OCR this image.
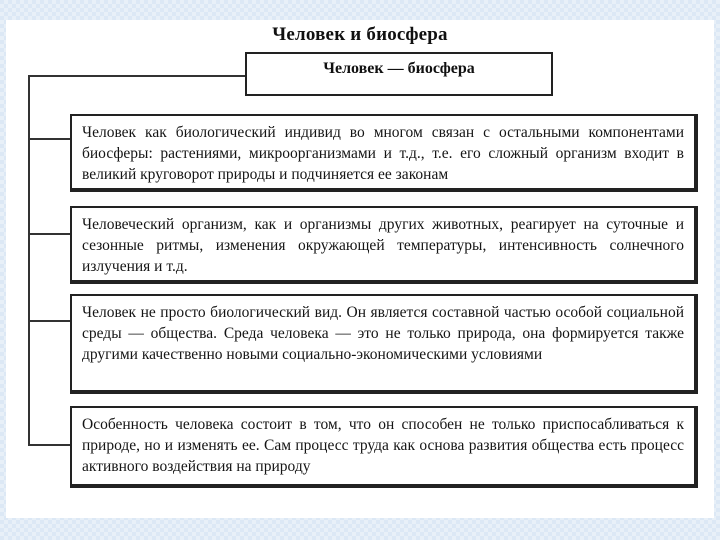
Человек и биосфера
Человек — биосфера
Человек как биологический индивид во многом связан с остальными компонентами биосферы: растениями, микроорганизмами и т.д., т.е. его сложный организм входит в великий круговорот природы и подчиняется ее законам
Человеческий организм, как и организмы других животных, реагирует на суточные и сезонные ритмы, изменения окружающей температуры, интенсивность солнечного излучения и т.д.
Человек не просто биологический вид. Он является составной частью особой социальной среды — общества. Среда человека — это не только природа, она формируется также другими качественно новыми социально-экономическими условиями
Особенность человека состоит в том, что он способен не только приспосабливаться к природе, но и изменять ее. Сам процесс труда как основа развития общества есть процесс активного воздействия на природу
